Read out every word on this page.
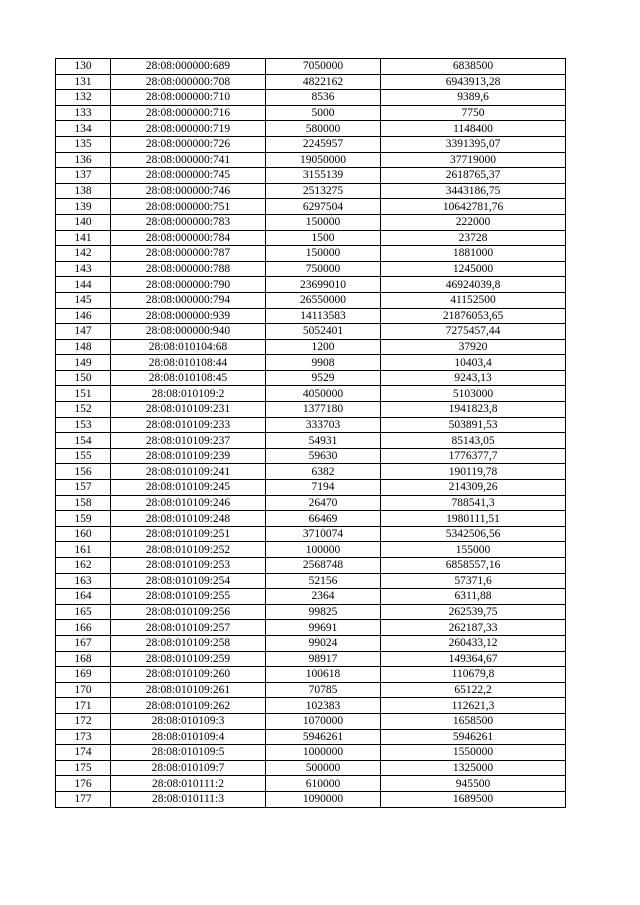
130	28:08:000000:689	7050000	6838500
131	28:08:000000:708	4822162	6943913,28
132	28:08:000000:710	8536	9389,6
133	28:08:000000:716	5000	7750
134	28:08:000000:719	580000	1148400
135	28:08:000000:726	2245957	3391395,07
136	28:08:000000:741	19050000	37719000
137	28:08:000000:745	3155139	2618765,37
138	28:08:000000:746	2513275	3443186,75
139	28:08:000000:751	6297504	10642781,76
140	28:08:000000:783	150000	222000
141	28:08:000000:784	1500	23728
142	28:08:000000:787	150000	1881000
143	28:08:000000:788	750000	1245000
144	28:08:000000:790	23699010	46924039,8
145	28:08:000000:794	26550000	41152500
146	28:08:000000:939	14113583	21876053,65
147	28:08:000000:940	5052401	7275457,44
148	28:08:010104:68	1200	37920
149	28:08:010108:44	9908	10403,4
150	28:08:010108:45	9529	9243,13
151	28:08:010109:2	4050000	5103000
152	28:08:010109:231	1377180	1941823,8
153	28:08:010109:233	333703	503891,53
154	28:08:010109:237	54931	85143,05
155	28:08:010109:239	59630	1776377,7
156	28:08:010109:241	6382	190119,78
157	28:08:010109:245	7194	214309,26
158	28:08:010109:246	26470	788541,3
159	28:08:010109:248	66469	1980111,51
160	28:08:010109:251	3710074	5342506,56
161	28:08:010109:252	100000	155000
162	28:08:010109:253	2568748	6858557,16
163	28:08:010109:254	52156	57371,6
164	28:08:010109:255	2364	6311,88
165	28:08:010109:256	99825	262539,75
166	28:08:010109:257	99691	262187,33
167	28:08:010109:258	99024	260433,12
168	28:08:010109:259	98917	149364,67
169	28:08:010109:260	100618	110679,8
170	28:08:010109:261	70785	65122,2
171	28:08:010109:262	102383	112621,3
172	28:08:010109:3	1070000	1658500
173	28:08:010109:4	5946261	5946261
174	28:08:010109:5	1000000	1550000
175	28:08:010109:7	500000	1325000
176	28:08:010111:2	610000	945500
177	28:08:010111:3	1090000	1689500
